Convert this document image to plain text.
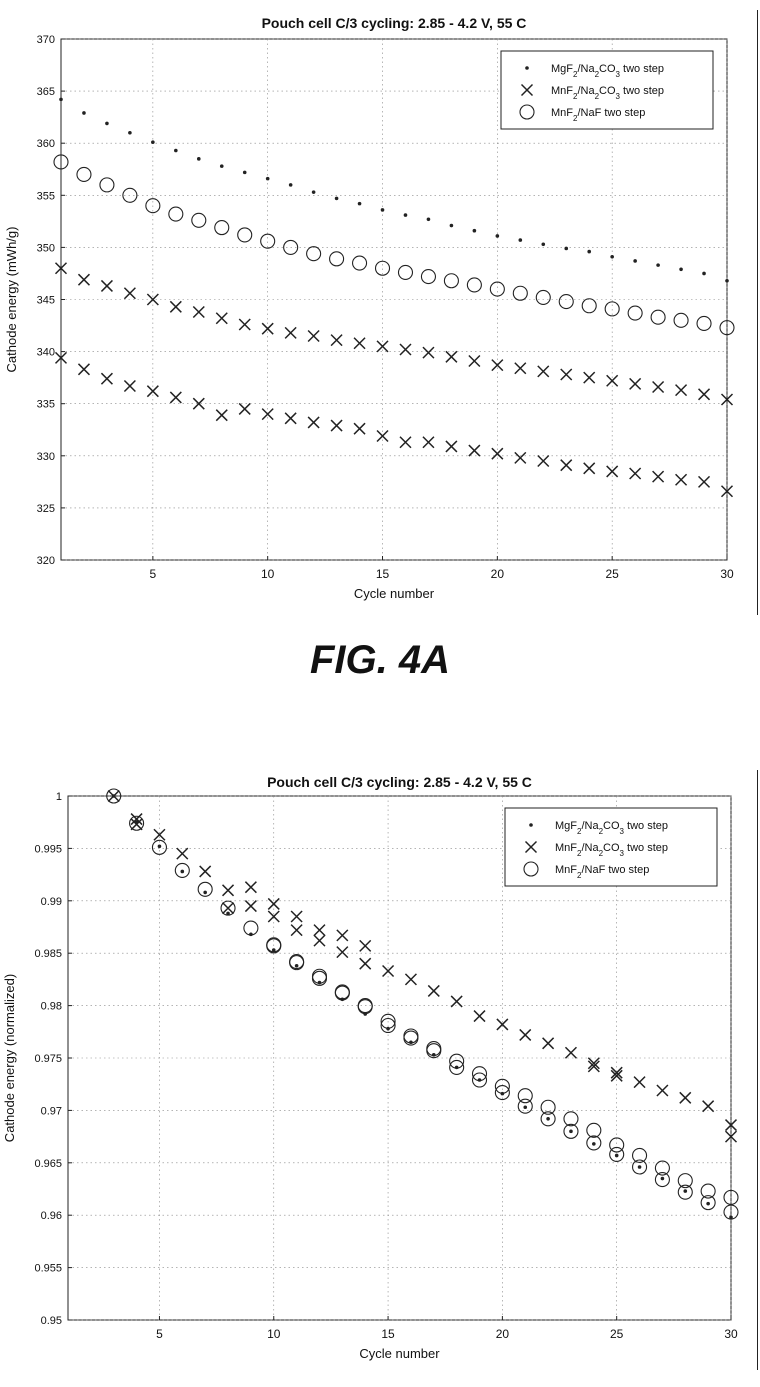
Pouch cell C/3 cycling: 2.85 - 4.2 V, 55 C
5	10	15	20	25	30
320
325
330
335
340
345
350
355
360
365
370
Cycle number
Cathode energy (mWh/g)
$MgF_2/Na_2CO_3$ two step
$MnF_2/Na_2CO_3$ two step
MnF$_2$/NaF two step
FIG. 4A
Pouch cell C/3 cycling: 2.85 - 4.2 V, 55 C
5	10	15	20	25	30
0.95
0.955
0.96
0.965
0.97
0.975
0.98
0.985
0.99
0.995
1
Cycle number
Cathode energy (normalized)
$MgF_2/Na_2CO_3$ two step
$MnF_2/Na_2CO_3$ two step
MnF$_2$/NaF two step
